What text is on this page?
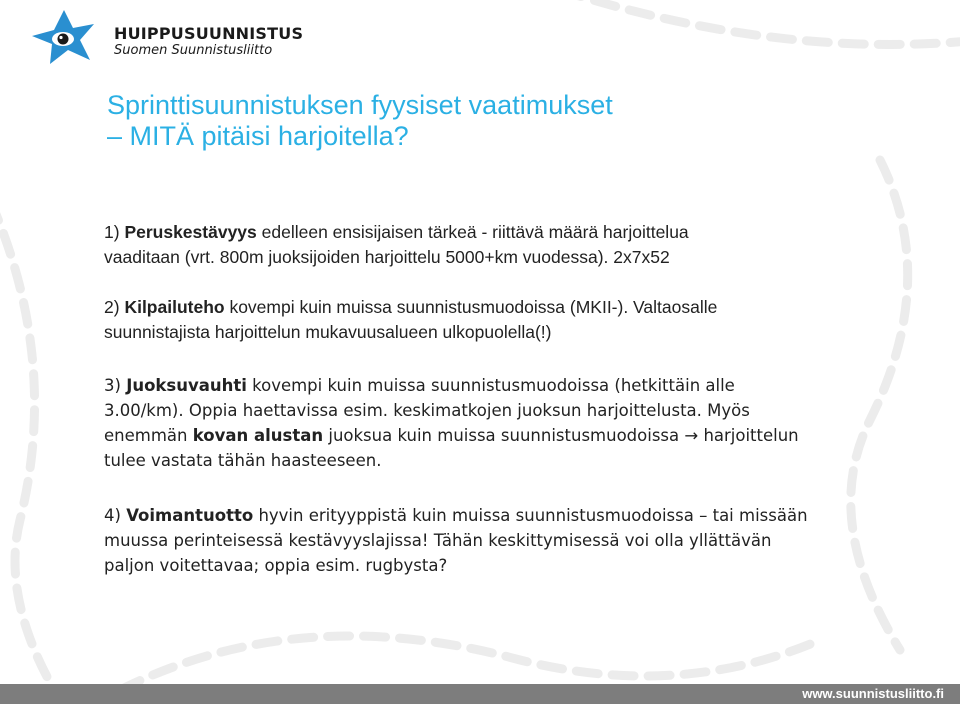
HUIPPUSUUNNISTUS
Suomen Suunnistusliitto
Sprinttisuunnistuksen fyysiset vaatimukset
– MITÄ pitäisi harjoitella?
1) Peruskestävyys edelleen ensisijaisen tärkeä - riittävä määrä harjoittelua
vaaditaan (vrt. 800m juoksijoiden harjoittelu 5000+km vuodessa). 2x7x52
2) Kilpailuteho kovempi kuin muissa suunnistusmuodoissa (MKII-). Valtaosalle
suunnistajista harjoittelun mukavuusalueen ulkopuolella(!)
3) Juoksuvauhti kovempi kuin muissa suunnistusmuodoissa (hetkittäin alle
3.00/km). Oppia haettavissa esim. keskimatkojen juoksun harjoittelusta. Myös
enemmän kovan alustan juoksua kuin muissa suunnistusmuodoissa → harjoittelun
tulee vastata tähän haasteeseen.
4) Voimantuotto hyvin erityyppistä kuin muissa suunnistusmuodoissa – tai missään
muussa perinteisessä kestävyyslajissa! Tähän keskittymisessä voi olla yllättävän
paljon voitettavaa; oppia esim. rugbysta?
www.suunnistusliitto.fi
